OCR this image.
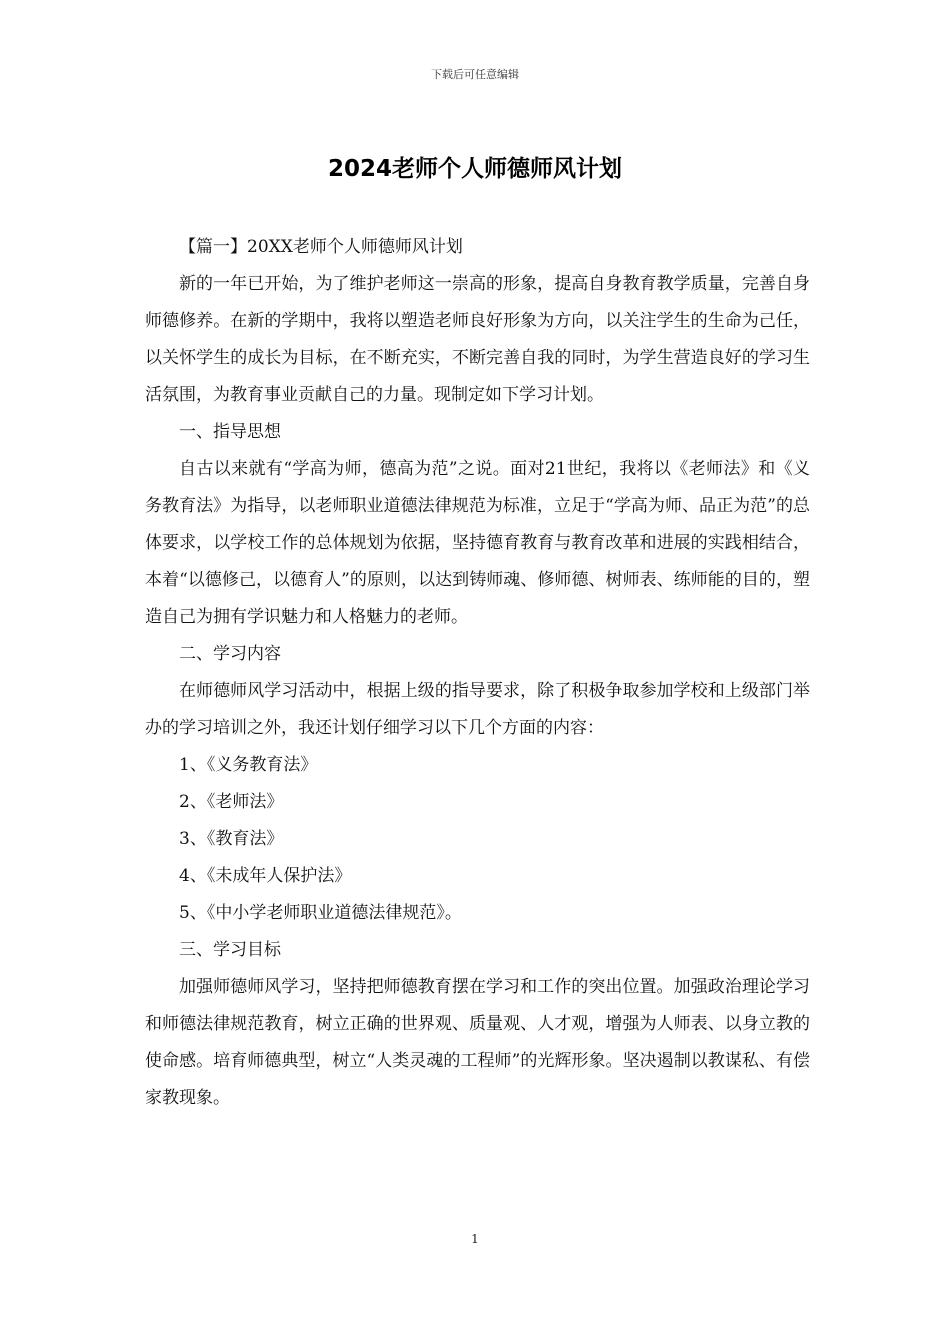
下载后可任意编辑
2024老师个人师德师风计划

【篇一】20XX老师个人师德师风计划

新的一年已开始，为了维护老师这一崇高的形象，提高自身教育教学质量，完善自身师德修养。在新的学期中，我将以塑造老师良好形象为方向，以关注学生的生命为己任，以关怀学生的成长为目标，在不断充实，不断完善自我的同时，为学生营造良好的学习生活氛围，为教育事业贡献自己的力量。现制定如下学习计划。

一、指导思想

自古以来就有“学高为师，德高为范”之说。面对21世纪，我将以《老师法》和《义务教育法》为指导，以老师职业道德法律规范为标准，立足于“学高为师、品正为范”的总体要求，以学校工作的总体规划为依据，坚持德育教育与教育改革和进展的实践相结合，本着“以德修己，以德育人”的原则，以达到铸师魂、修师德、树师表、练师能的目的，塑造自己为拥有学识魅力和人格魅力的老师。

二、学习内容

在师德师风学习活动中，根据上级的指导要求，除了积极争取参加学校和上级部门举办的学习培训之外，我还计划仔细学习以下几个方面的内容：

1、《义务教育法》

2、《老师法》

3、《教育法》

4、《未成年人保护法》

5、《中小学老师职业道德法律规范》。

三、学习目标

加强师德师风学习，坚持把师德教育摆在学习和工作的突出位置。加强政治理论学习和师德法律规范教育，树立正确的世界观、质量观、人才观，增强为人师表、以身立教的使命感。培育师德典型，树立“人类灵魂的工程师”的光辉形象。坚决遏制以教谋私、有偿家教现象。

1
